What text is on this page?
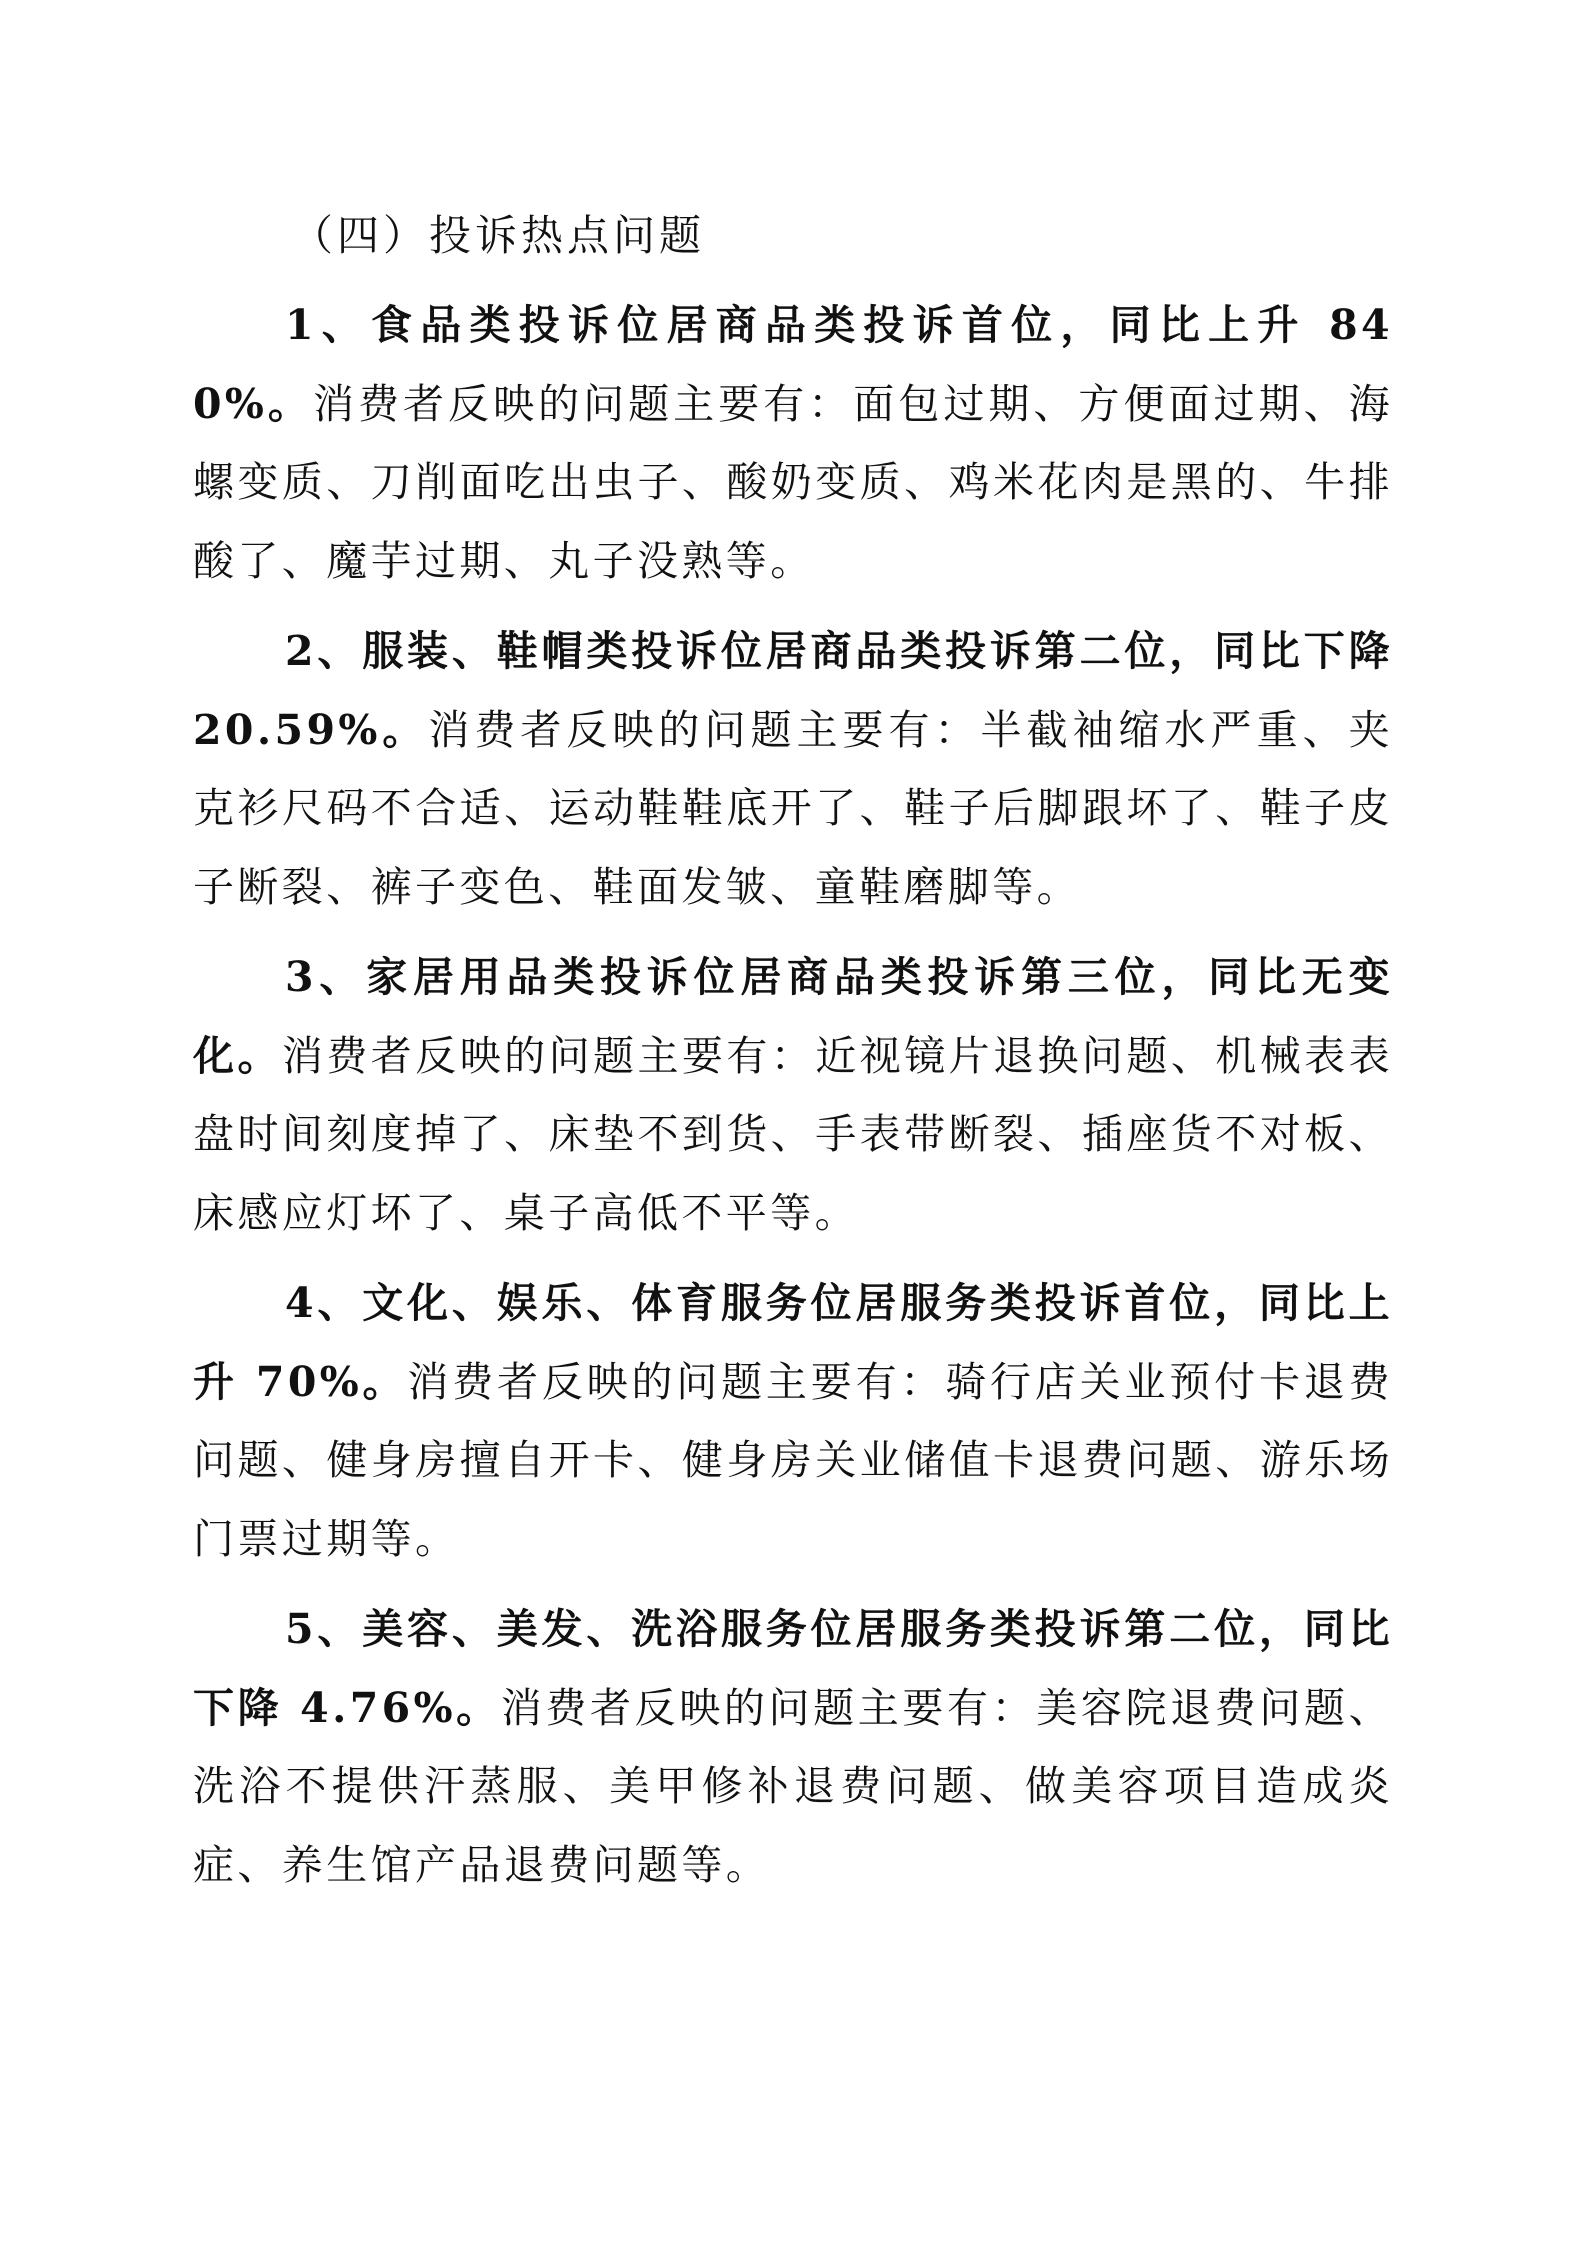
（四）投诉热点问题

1、食品类投诉位居商品类投诉首位，同比上升 840%。消费者反映的问题主要有：面包过期、方便面过期、海螺变质、刀削面吃出虫子、酸奶变质、鸡米花肉是黑的、牛排酸了、魔芋过期、丸子没熟等。

2、服装、鞋帽类投诉位居商品类投诉第二位，同比下降 20.59%。消费者反映的问题主要有：半截袖缩水严重、夹克衫尺码不合适、运动鞋鞋底开了、鞋子后脚跟坏了、鞋子皮子断裂、裤子变色、鞋面发皱、童鞋磨脚等。

3、家居用品类投诉位居商品类投诉第三位，同比无变化。消费者反映的问题主要有：近视镜片退换问题、机械表表盘时间刻度掉了、床垫不到货、手表带断裂、插座货不对板、床感应灯坏了、桌子高低不平等。

4、文化、娱乐、体育服务位居服务类投诉首位，同比上升 70%。消费者反映的问题主要有：骑行店关业预付卡退费问题、健身房擅自开卡、健身房关业储值卡退费问题、游乐场门票过期等。

5、美容、美发、洗浴服务位居服务类投诉第二位，同比下降 4.76%。消费者反映的问题主要有：美容院退费问题、洗浴不提供汗蒸服、美甲修补退费问题、做美容项目造成炎症、养生馆产品退费问题等。
